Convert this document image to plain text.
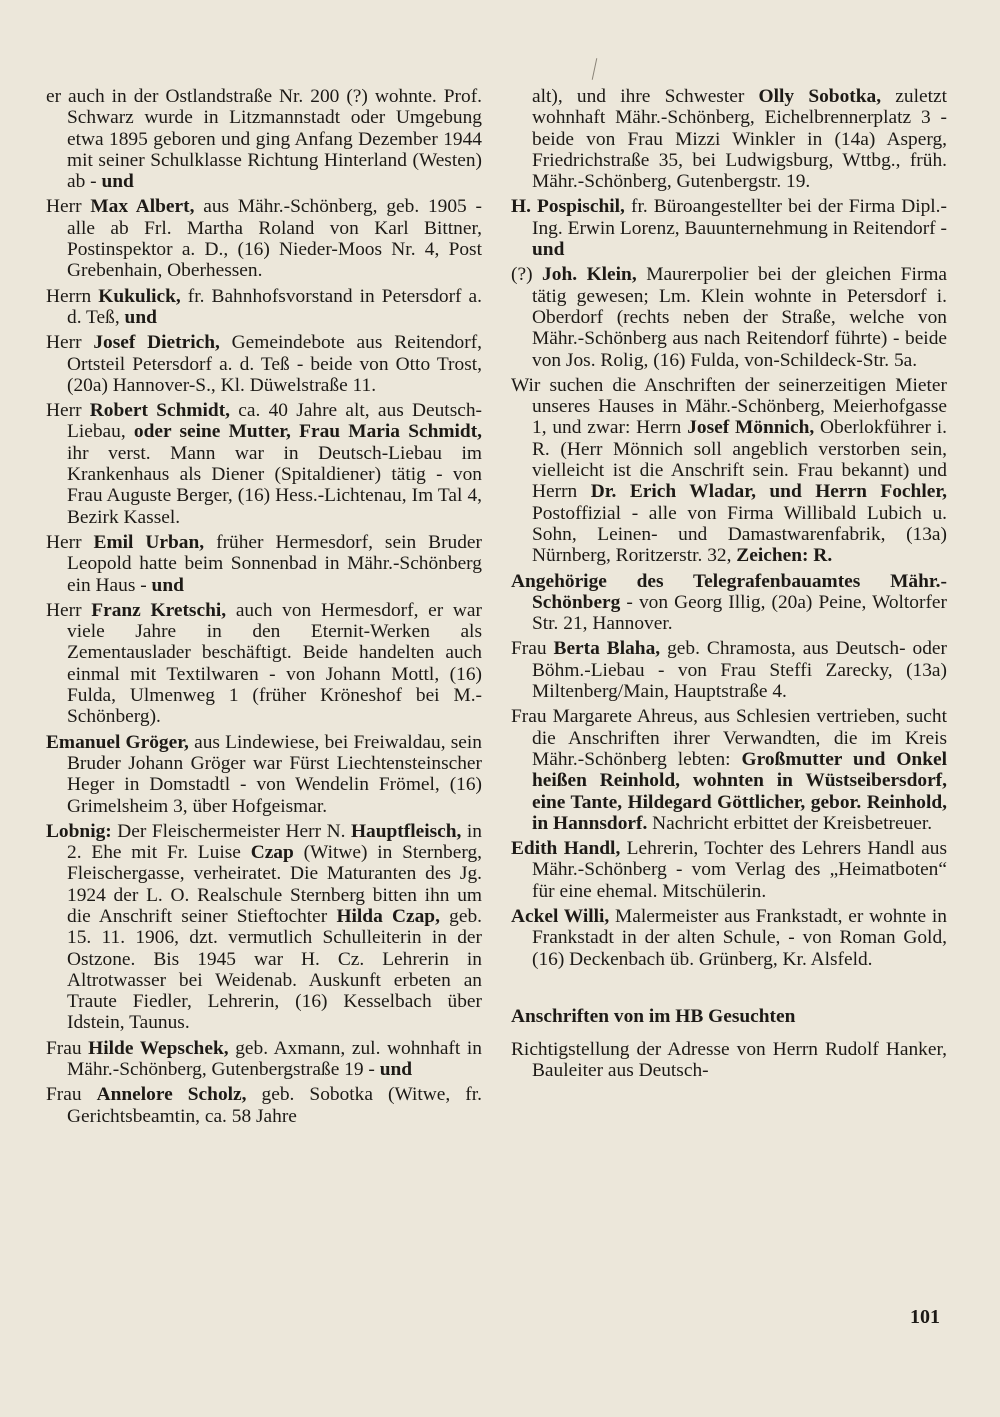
er auch in der Ostlandstraße Nr. 200 (?) wohnte. Prof. Schwarz wurde in Litzmannstadt oder Umgebung etwa 1895 geboren und ging Anfang Dezember 1944 mit seiner Schulklasse Richtung Hinterland (Westen) ab - und

Herr Max Albert, aus Mähr.-Schönberg, geb. 1905 - alle ab Frl. Martha Roland von Karl Bittner, Postinspektor a. D., (16) Nieder-Moos Nr. 4, Post Grebenhain, Oberhessen.

Herrn Kukulick, fr. Bahnhofsvorstand in Petersdorf a. d. Teß, und

Herr Josef Dietrich, Gemeindebote aus Reitendorf, Ortsteil Petersdorf a. d. Teß - beide von Otto Trost, (20a) Hannover-S., Kl. Düwelstraße 11.

Herr Robert Schmidt, ca. 40 Jahre alt, aus Deutsch-Liebau, oder seine Mutter, Frau Maria Schmidt, ihr verst. Mann war in Deutsch-Liebau im Krankenhaus als Diener (Spitaldiener) tätig - von Frau Auguste Berger, (16) Hess.-Lichtenau, Im Tal 4, Bezirk Kassel.

Herr Emil Urban, früher Hermesdorf, sein Bruder Leopold hatte beim Sonnenbad in Mähr.-Schönberg ein Haus - und

Herr Franz Kretschi, auch von Hermesdorf, er war viele Jahre in den Eternit-Werken als Zementauslader beschäftigt. Beide handelten auch einmal mit Textilwaren - von Johann Mottl, (16) Fulda, Ulmenweg 1 (früher Kröneshof bei M.-Schönberg).

Emanuel Gröger, aus Lindewiese, bei Freiwaldau, sein Bruder Johann Gröger war Fürst Liechtensteinscher Heger in Domstadtl - von Wendelin Frömel, (16) Grimelsheim 3, über Hofgeismar.

Lobnig: Der Fleischermeister Herr N. Hauptfleisch, in 2. Ehe mit Fr. Luise Czap (Witwe) in Sternberg, Fleischergasse, verheiratet. Die Maturanten des Jg. 1924 der L. O. Realschule Sternberg bitten ihn um die Anschrift seiner Stieftochter Hilda Czap, geb. 15. 11. 1906, dzt. vermutlich Schulleiterin in der Ostzone. Bis 1945 war H. Cz. Lehrerin in Altrotwasser bei Weidenab. Auskunft erbeten an Traute Fiedler, Lehrerin, (16) Kesselbach über Idstein, Taunus.

Frau Hilde Wepschek, geb. Axmann, zul. wohnhaft in Mähr.-Schönberg, Gutenbergstraße 19 - und

Frau Annelore Scholz, geb. Sobotka (Witwe, fr. Gerichtsbeamtin, ca. 58 Jahre

alt), und ihre Schwester Olly Sobotka, zuletzt wohnhaft Mähr.-Schönberg, Eichelbrennerplatz 3 - beide von Frau Mizzi Winkler in (14a) Asperg, Friedrichstraße 35, bei Ludwigsburg, Wttbg., früh. Mähr.-Schönberg, Gutenbergstr. 19.

H. Pospischil, fr. Büroangestellter bei der Firma Dipl.-Ing. Erwin Lorenz, Bauunternehmung in Reitendorf - und

(?) Joh. Klein, Maurerpolier bei der gleichen Firma tätig gewesen; Lm. Klein wohnte in Petersdorf i. Oberdorf (rechts neben der Straße, welche von Mähr.-Schönberg aus nach Reitendorf führte) - beide von Jos. Rolig, (16) Fulda, von-Schildeck-Str. 5a.

Wir suchen die Anschriften der seinerzeitigen Mieter unseres Hauses in Mähr.-Schönberg, Meierhofgasse 1, und zwar: Herrn Josef Mönnich, Oberlokführer i. R. (Herr Mönnich soll angeblich verstorben sein, vielleicht ist die Anschrift sein. Frau bekannt) und Herrn Dr. Erich Wladar, und Herrn Fochler, Postoffizial - alle von Firma Willibald Lubich u. Sohn, Leinen- und Damastwarenfabrik, (13a) Nürnberg, Roritzerstr. 32, Zeichen: R.

Angehörige des Telegrafenbauamtes Mähr.-Schönberg - von Georg Illig, (20a) Peine, Woltorfer Str. 21, Hannover.

Frau Berta Blaha, geb. Chramosta, aus Deutsch- oder Böhm.-Liebau - von Frau Steffi Zarecky, (13a) Miltenberg/Main, Hauptstraße 4.

Frau Margarete Ahreus, aus Schlesien vertrieben, sucht die Anschriften ihrer Verwandten, die im Kreis Mähr.-Schönberg lebten: Großmutter und Onkel heißen Reinhold, wohnten in Wüstseibersdorf, eine Tante, Hildegard Göttlicher, gebor. Reinhold, in Hannsdorf. Nachricht erbittet der Kreisbetreuer.

Edith Handl, Lehrerin, Tochter des Lehrers Handl aus Mähr.-Schönberg - vom Verlag des „Heimatboten“ für eine ehemal. Mitschülerin.

Ackel Willi, Malermeister aus Frankstadt, er wohnte in Frankstadt in der alten Schule, - von Roman Gold, (16) Deckenbach üb. Grünberg, Kr. Alsfeld.

Anschriften von im HB Gesuchten

Richtigstellung der Adresse von Herrn Rudolf Hanker, Bauleiter aus Deutsch-

101
